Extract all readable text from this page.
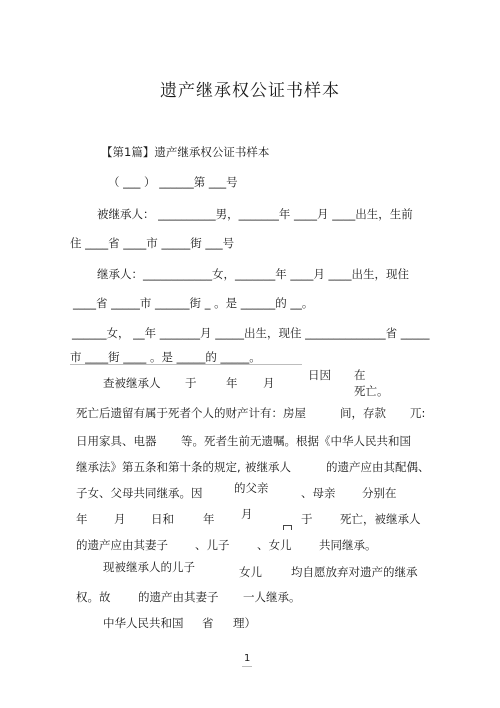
遗产继承权公证书样本
【第1篇】遗产继承权公证书样本
（ ___ ） ______第 ___号
被继承人： __________男，_______年 ____月 ____出生，生前
住 ____省 ____市 _____街 ___号
继承人：____________女，_______年 ____月 ____出生，现住
____省 _____市 ______街 _ 。是 ______的 __。
______女， __年 _______月 _____出生，现住 ______________省 _____
市 ____街 ____ 。是 _____的 _____。
查被继承人 于	年 月
日因 在
死亡。
死亡后遗留有属于死者个人的财产计有：房屋	间，存款 兀:
日用家具、电器 等。死者生前无遗嘱。根据《中华人民共和国
继承法》第五条和第十条的规定, 被继承人	的遗产应由其配偶、
的父亲
子女、父母共同继承。因	、母亲 分别在
年 月 日和	年 月	于 死亡，被继承人
的遗产应由其妻子 、儿子 、女儿 共同继承。
现被继承人的儿子	女儿	均自愿放弃对遗产的继承
权。故 的遗产由其妻子 一人继承。
中华人民共和国 省 理）
1
